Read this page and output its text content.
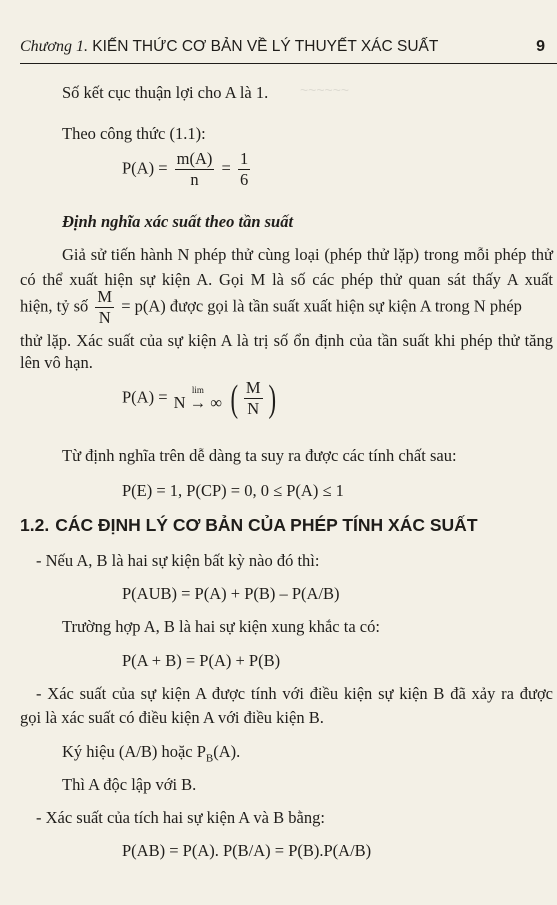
Chương 1. KIẾN THỨC CƠ BẢN VỀ LÝ THUYẾT XÁC SUẤT	9
~~~~~~
Số kết cục thuận lợi cho A là 1.
Theo công thức (1.1):
$P(A) = \frac{m(A)}{n} = \frac{1}{6}$
Định nghĩa xác suất theo tần suất
Giả sử tiến hành N phép thử cùng loại (phép thử lặp) trong mỗi phép thử
có thể xuất hiện sự kiện A. Gọi M là số các phép thử quan sát thấy A xuất
hiện, tỷ số $\frac{M}{N} = p(A)$ được gọi là tần suất xuất hiện sự kiện A trong N phép
thử lặp. Xác suất của sự kiện A là trị số ổn định của tần suất khi phép thử tăng
lên vô hạn.
P(A) =	lim
N → ∞ ( $\frac{M}{N}$ )
Từ định nghĩa trên dễ dàng ta suy ra được các tính chất sau:
P(E) = 1, P(CP) = 0, 0 ≤ P(A) ≤ 1
1.2. CÁC ĐỊNH LÝ CƠ BẢN CỦA PHÉP TÍNH XÁC SUẤT
- Nếu A, B là hai sự kiện bất kỳ nào đó thì:
P(AUB) = P(A) + P(B) – P(A/B)
Trường hợp A, B là hai sự kiện xung khắc ta có:
P(A + B) = P(A) + P(B)
- Xác suất của sự kiện A được tính với điều kiện sự kiện B đã xảy ra được
gọi là xác suất có điều kiện A với điều kiện B.
Ký hiệu (A/B) hoặc $P_B(A)$.
Thì A độc lập với B.
- Xác suất của tích hai sự kiện A và B bằng:
P(AB) = P(A). P(B/A) = P(B).P(A/B)
